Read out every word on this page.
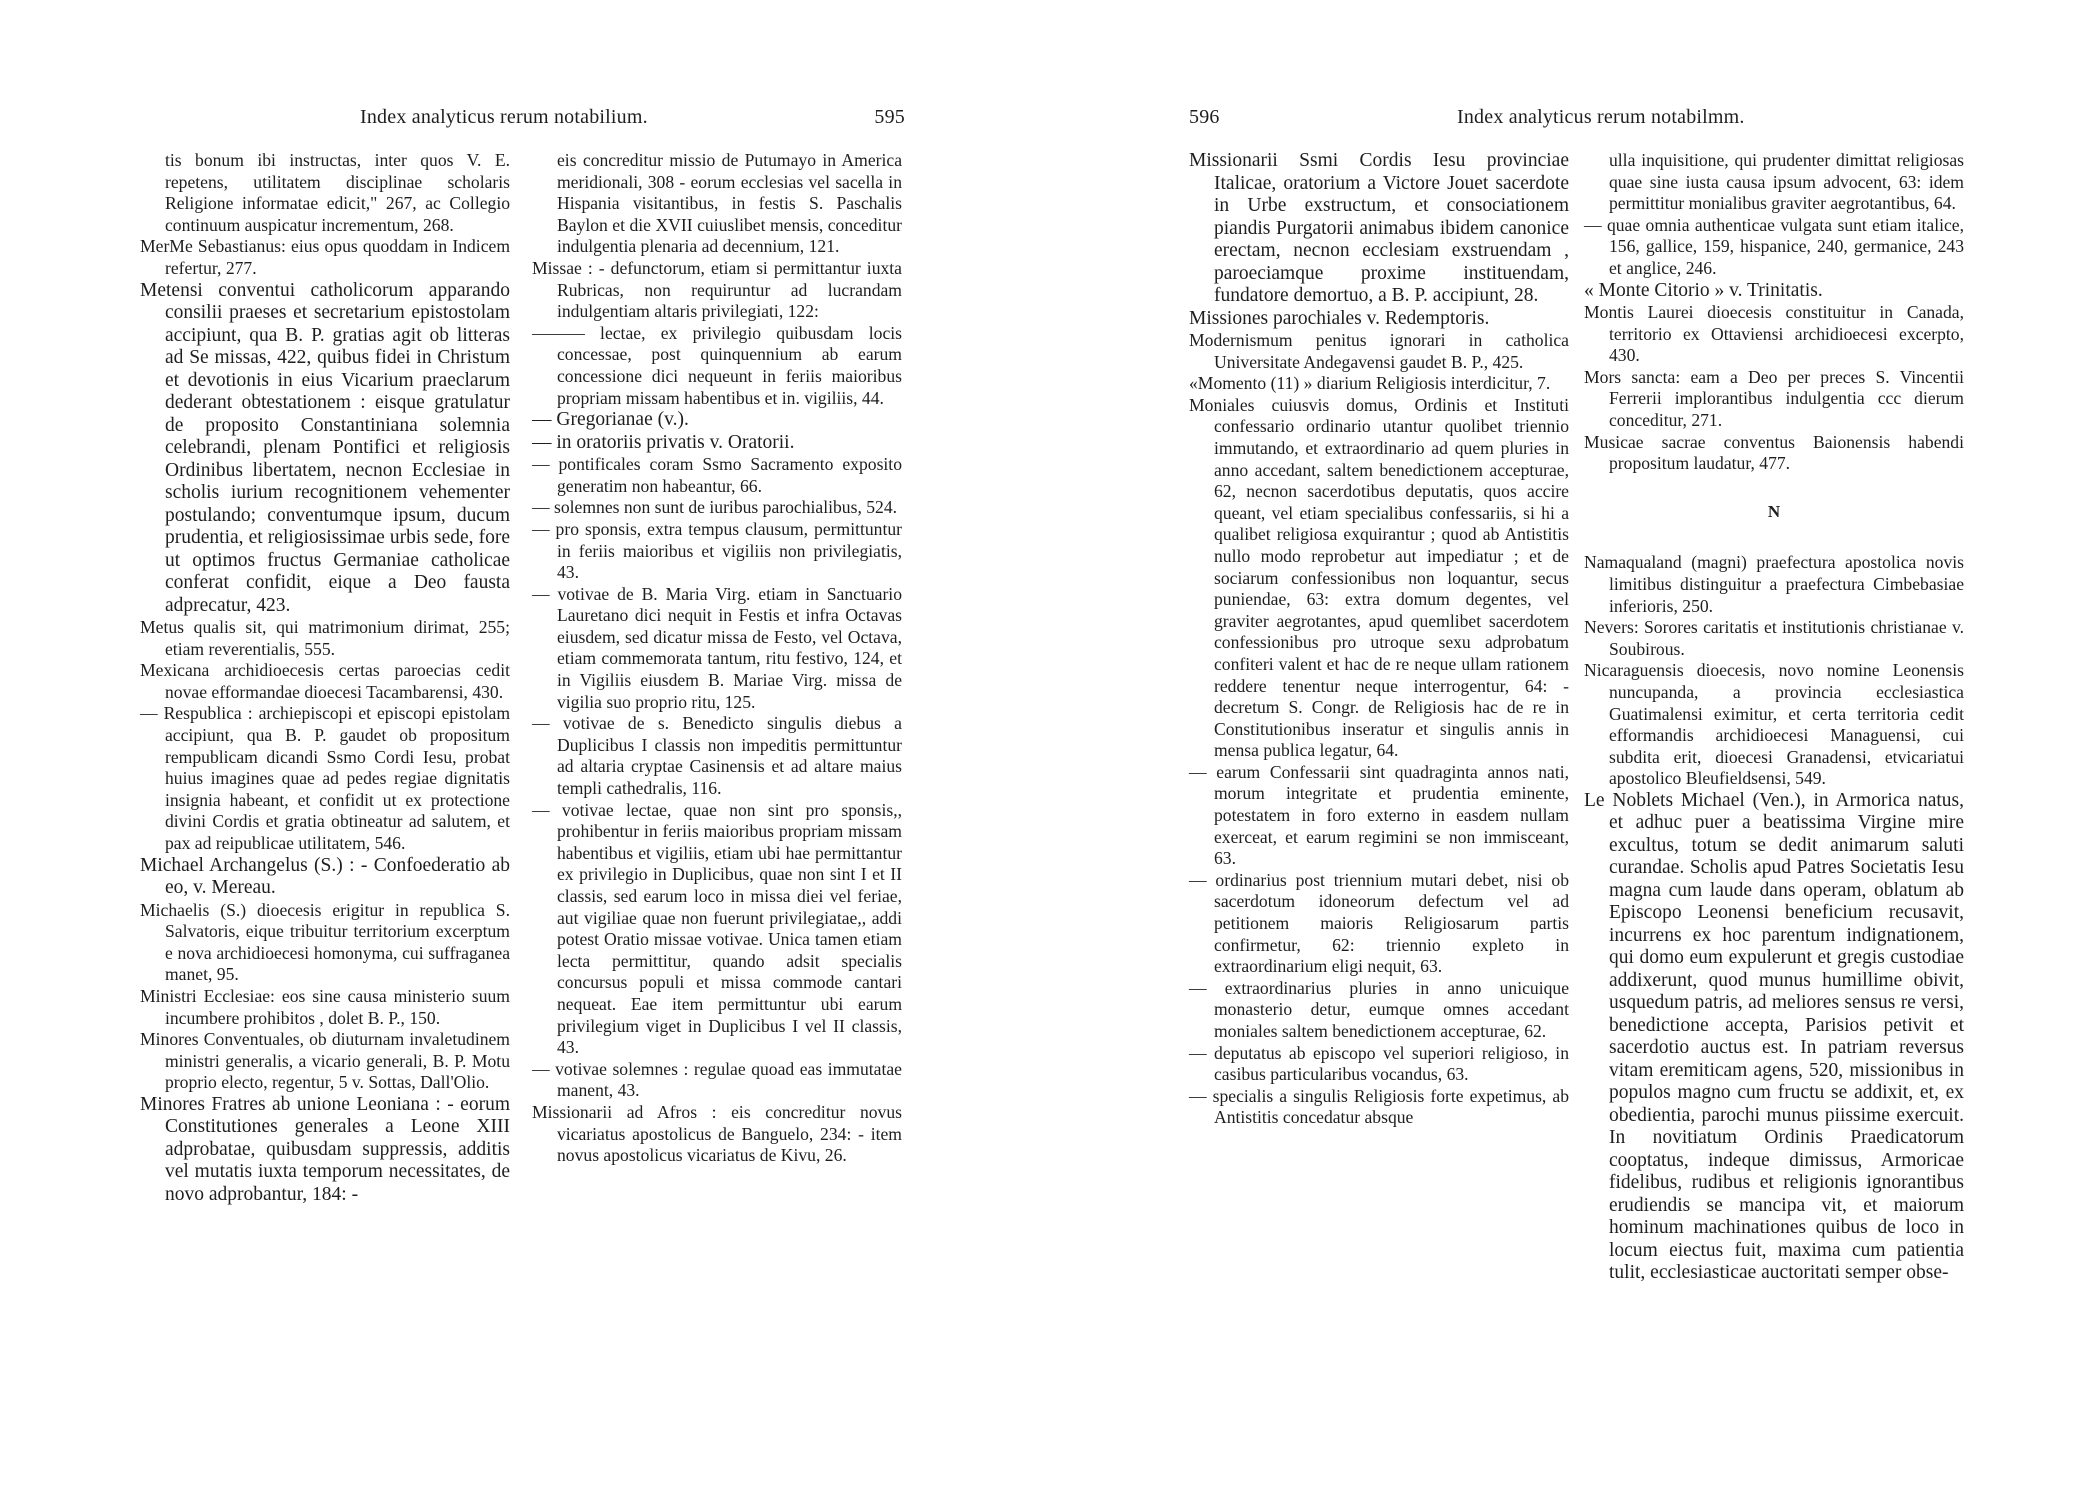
Index analyticus rerum notabilium.	595

tis bonum ibi instructas, inter quos V. E. repetens, utilitatem disciplinae scholaris Religione informatae edicit," 267, ac Collegio continuum auspicatur incrementum, 268.

MerMe Sebastianus: eius opus quoddam in Indicem refertur, 277.

Metensi conventui catholicorum apparando consilii praeses et secretarium epistostolam accipiunt, qua B. P. gratias agit ob litteras ad Se missas, 422, quibus fidei in Christum et devotionis in eius Vicarium praeclarum dederant obtestationem : eisque gratulatur de proposito Constantiniana solemnia celebrandi, plenam Pontifici et religiosis Ordinibus libertatem, necnon Ecclesiae in scholis iurium recognitionem vehementer postulando; conventumque ipsum, ducum prudentia, et religiosissimae urbis sede, fore ut optimos fructus Germaniae catholicae conferat confidit, eique a Deo fausta adprecatur, 423.

Metus qualis sit, qui matrimonium dirimat, 255; etiam reverentialis, 555.

Mexicana archidioecesis certas paroecias cedit novae efformandae dioecesi Tacambarensi, 430.

— Respublica : archiepiscopi et episcopi epistolam accipiunt, qua B. P. gaudet ob propositum rempublicam dicandi Ssmo Cordi Iesu, probat huius imagines quae ad pedes regiae dignitatis insignia habeant, et confidit ut ex protectione divini Cordis et gratia obtineatur ad salutem, et pax ad reipublicae utilitatem, 546.

Michael Archangelus (S.) : - Confoederatio ab eo, v. Mereau.

Michaelis (S.) dioecesis erigitur in republica S. Salvatoris, eique tribuitur territorium excerptum e nova archidioecesi homonyma, cui suffraganea manet, 95.

Ministri Ecclesiae: eos sine causa ministerio suum incumbere prohibitos , dolet B. P., 150.

Minores Conventuales, ob diuturnam invaletudinem ministri generalis, a vicario generali, B. P. Motu proprio electo, regentur, 5 v. Sottas, Dall'Olio.

Minores Fratres ab unione Leoniana : - eorum Constitutiones generales a Leone XIII adprobatae, quibusdam suppressis, additis vel mutatis iuxta temporum necessitates, de novo adprobantur, 184: -

eis concreditur missio de Putumayo in America meridionali, 308 - eorum ecclesias vel sacella in Hispania visitantibus, in festis S. Paschalis Baylon et die XVII cuiuslibet mensis, conceditur indulgentia plenaria ad decennium, 121.

Missae : - defunctorum, etiam si permittantur iuxta Rubricas, non requiruntur ad lucrandam indulgentiam altaris privilegiati, 122:

——— lectae, ex privilegio quibusdam locis concessae, post quinquennium ab earum concessione dici nequeunt in feriis maioribus propriam missam habentibus et in. vigiliis, 44.

— Gregorianae (v.).

— in oratoriis privatis v. Oratorii.

— pontificales coram Ssmo Sacramento exposito generatim non habeantur, 66.

— solemnes non sunt de iuribus parochialibus, 524.

— pro sponsis, extra tempus clausum, permittuntur in feriis maioribus et vigiliis non privilegiatis, 43.

— votivae de B. Maria Virg. etiam in Sanctuario Lauretano dici nequit in Festis et infra Octavas eiusdem, sed dicatur missa de Festo, vel Octava, etiam commemorata tantum, ritu festivo, 124, et in Vigiliis eiusdem B. Mariae Virg. missa de vigilia suo proprio ritu, 125.

— votivae de s. Benedicto singulis diebus a Duplicibus I classis non impeditis permittuntur ad altaria cryptae Casinensis et ad altare maius templi cathedralis, 116.

— votivae lectae, quae non sint pro sponsis,, prohibentur in feriis maioribus propriam missam habentibus et vigiliis, etiam ubi hae permittantur ex privilegio in Duplicibus, quae non sint I et II classis, sed earum loco in missa diei vel feriae, aut vigiliae quae non fuerunt privilegiatae,, addi potest Oratio missae votivae. Unica tamen etiam lecta permittitur, quando adsit specialis concursus populi et missa commode cantari nequeat. Eae item permittuntur ubi earum privilegium viget in Duplicibus I vel II classis, 43.

— votivae solemnes : regulae quoad eas immutatae manent, 43.

Missionarii ad Afros : eis concreditur novus vicariatus apostolicus de Banguelo, 234: - item novus apostolicus vicariatus de Kivu, 26.

596	Index analyticus rerum notabilmm.

Missionarii Ssmi Cordis Iesu provinciae Italicae, oratorium a Victore Jouet sacerdote in Urbe exstructum, et consociationem piandis Purgatorii animabus ibidem canonice erectam, necnon ecclesiam exstruendam , paroeciamque proxime instituendam, fundatore demortuo, a B. P. accipiunt, 28.

Missiones parochiales v. Redemptoris.

Modernismum penitus ignorari in catholica Universitate Andegavensi gaudet B. P., 425.

«Momento (11) » diarium Religiosis interdicitur, 7.

Moniales cuiusvis domus, Ordinis et Instituti confessario ordinario utantur quolibet triennio immutando, et extraordinario ad quem pluries in anno accedant, saltem benedictionem accepturae, 62, necnon sacerdotibus deputatis, quos accire queant, vel etiam specialibus confessariis, si hi a qualibet religiosa exquirantur ; quod ab Antistitis nullo modo reprobetur aut impediatur ; et de sociarum confessionibus non loquantur, secus puniendae, 63: extra domum degentes, vel graviter aegrotantes, apud quemlibet sacerdotem confessionibus pro utroque sexu adprobatum confiteri valent et hac de re neque ullam rationem reddere tenentur neque interrogentur, 64: - decretum S. Congr. de Religiosis hac de re in Constitutionibus inseratur et singulis annis in mensa publica legatur, 64.

— earum Confessarii sint quadraginta annos nati, morum integritate et prudentia eminente, potestatem in foro externo in easdem nullam exerceat, et earum regimini se non immisceant, 63.

— ordinarius post triennium mutari debet, nisi ob sacerdotum idoneorum defectum vel ad petitionem maioris Religiosarum partis confirmetur, 62: triennio expleto in extraordinarium eligi nequit, 63.

— extraordinarius pluries in anno unicuique monasterio detur, eumque omnes accedant moniales saltem benedictionem accepturae, 62.

— deputatus ab episcopo vel superiori religioso, in casibus particularibus vocandus, 63.

— specialis a singulis Religiosis forte expetimus, ab Antistitis concedatur absque

ulla inquisitione, qui prudenter dimittat religiosas quae sine iusta causa ipsum advocent, 63: idem permittitur monialibus graviter aegrotantibus, 64.

— quae omnia authenticae vulgata sunt etiam italice, 156, gallice, 159, hispanice, 240, germanice, 243 et anglice, 246.

« Monte Citorio » v. Trinitatis.

Montis Laurei dioecesis constituitur in Canada, territorio ex Ottaviensi archidioecesi excerpto, 430.

Mors sancta: eam a Deo per preces S. Vincentii Ferrerii implorantibus indulgentia ccc dierum conceditur, 271.

Musicae sacrae conventus Baionensis habendi propositum laudatur, 477.

N

Namaqualand (magni) praefectura apostolica novis limitibus distinguitur a praefectura Cimbebasiae inferioris, 250.

Nevers: Sorores caritatis et institutionis christianae v. Soubirous.

Nicaraguensis dioecesis, novo nomine Leonensis nuncupanda, a provincia ecclesiastica Guatimalensi eximitur, et certa territoria cedit efformandis archidioecesi Managuensi, cui subdita erit, dioecesi Granadensi, etvicariatui apostolico Bleufieldsensi, 549.

Le Noblets Michael (Ven.), in Armorica natus, et adhuc puer a beatissima Virgine mire excultus, totum se dedit animarum saluti curandae. Scholis apud Patres Societatis Iesu magna cum laude dans operam, oblatum ab Episcopo Leonensi beneficium recusavit, incurrens ex hoc parentum indignationem, qui domo eum expulerunt et gregis custodiae addixerunt, quod munus humillime obivit, usquedum patris, ad meliores sensus re versi, benedictione accepta, Parisios petivit et sacerdotio auctus est. In patriam reversus vitam eremiticam agens, 520, missionibus in populos magno cum fructu se addixit, et, ex obedientia, parochi munus piissime exercuit. In novitiatum Ordinis Praedicatorum cooptatus, indeque dimissus, Armoricae fidelibus, rudibus et religionis ignorantibus erudiendis se mancipa vit, et maiorum hominum machinationes quibus de loco in locum eiectus fuit, maxima cum patientia tulit, ecclesiasticae auctoritati semper obse-
